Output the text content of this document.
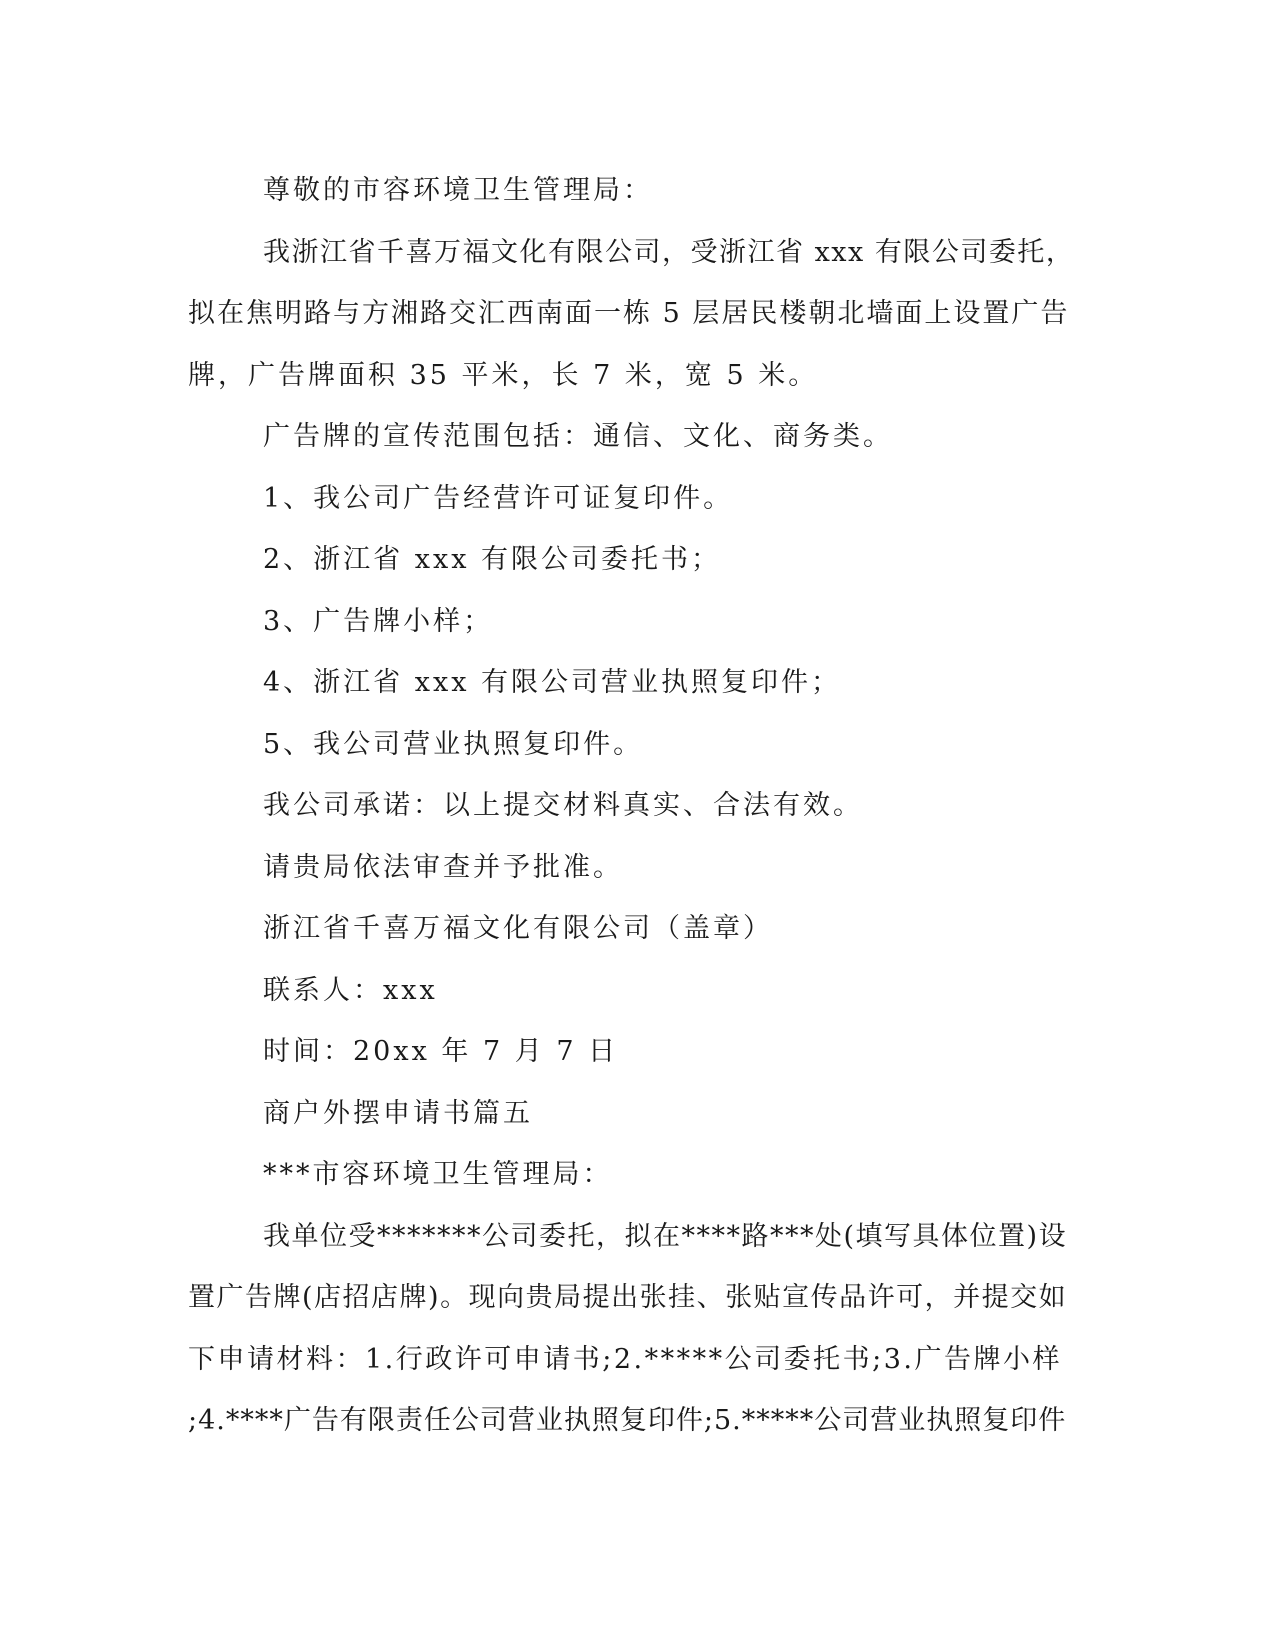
尊敬的市容环境卫生管理局：
我浙江省千喜万福文化有限公司，受浙江省 xxx 有限公司委托，
拟在焦明路与方湘路交汇西南面一栋 5 层居民楼朝北墙面上设置广告
牌，广告牌面积 35 平米，长 7 米，宽 5 米。
广告牌的宣传范围包括：通信、文化、商务类。
1、我公司广告经营许可证复印件。
2、浙江省 xxx 有限公司委托书；
3、广告牌小样；
4、浙江省 xxx 有限公司营业执照复印件；
5、我公司营业执照复印件。
我公司承诺：以上提交材料真实、合法有效。
请贵局依法审查并予批准。
浙江省千喜万福文化有限公司（盖章）
联系人：xxx
时间：20xx 年 7 月 7 日
商户外摆申请书篇五
***市容环境卫生管理局：
我单位受*******公司委托，拟在****路***处(填写具体位置)设
置广告牌(店招店牌)。现向贵局提出张挂、张贴宣传品许可，并提交如
下申请材料：1.行政许可申请书;2.*****公司委托书;3.广告牌小样
;4.****广告有限责任公司营业执照复印件;5.*****公司营业执照复印件
